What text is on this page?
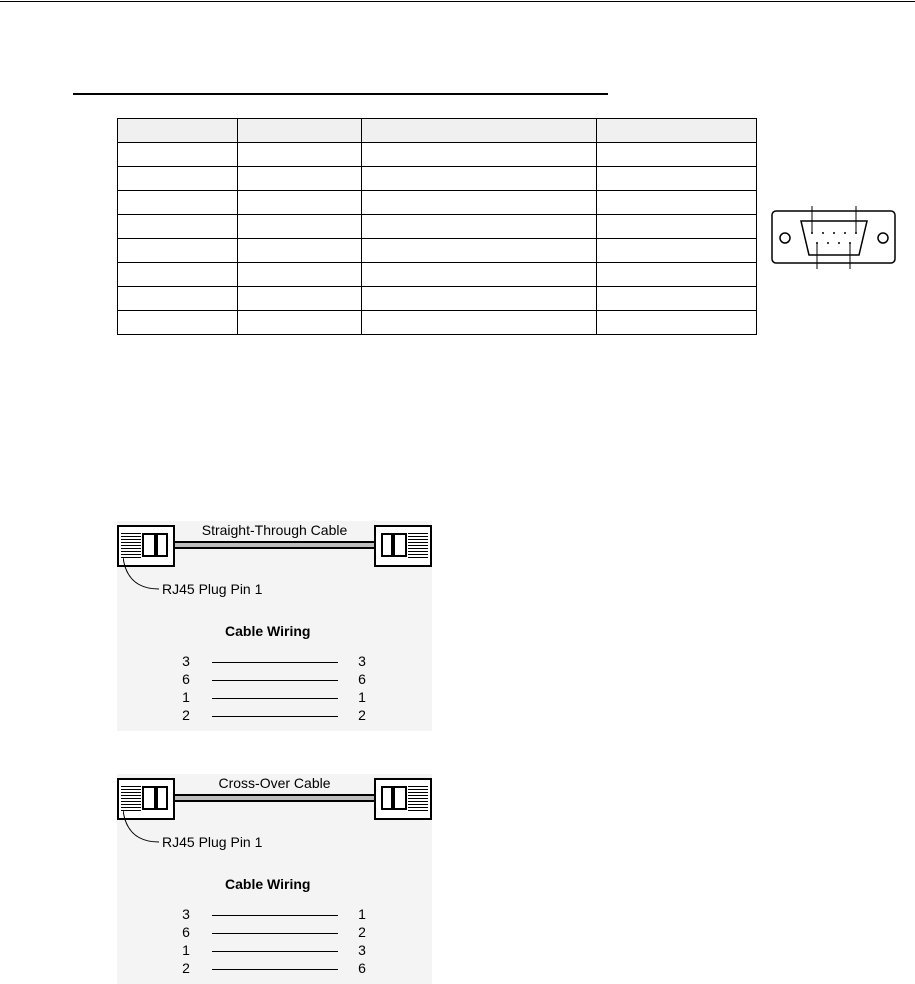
Straight-Through Cable
RJ45 Plug Pin 1
Cable Wiring
3	3
6	6
1	1
2	2
Cross-Over Cable
RJ45 Plug Pin 1
Cable Wiring
3	1
6	2
1	3
2	6
